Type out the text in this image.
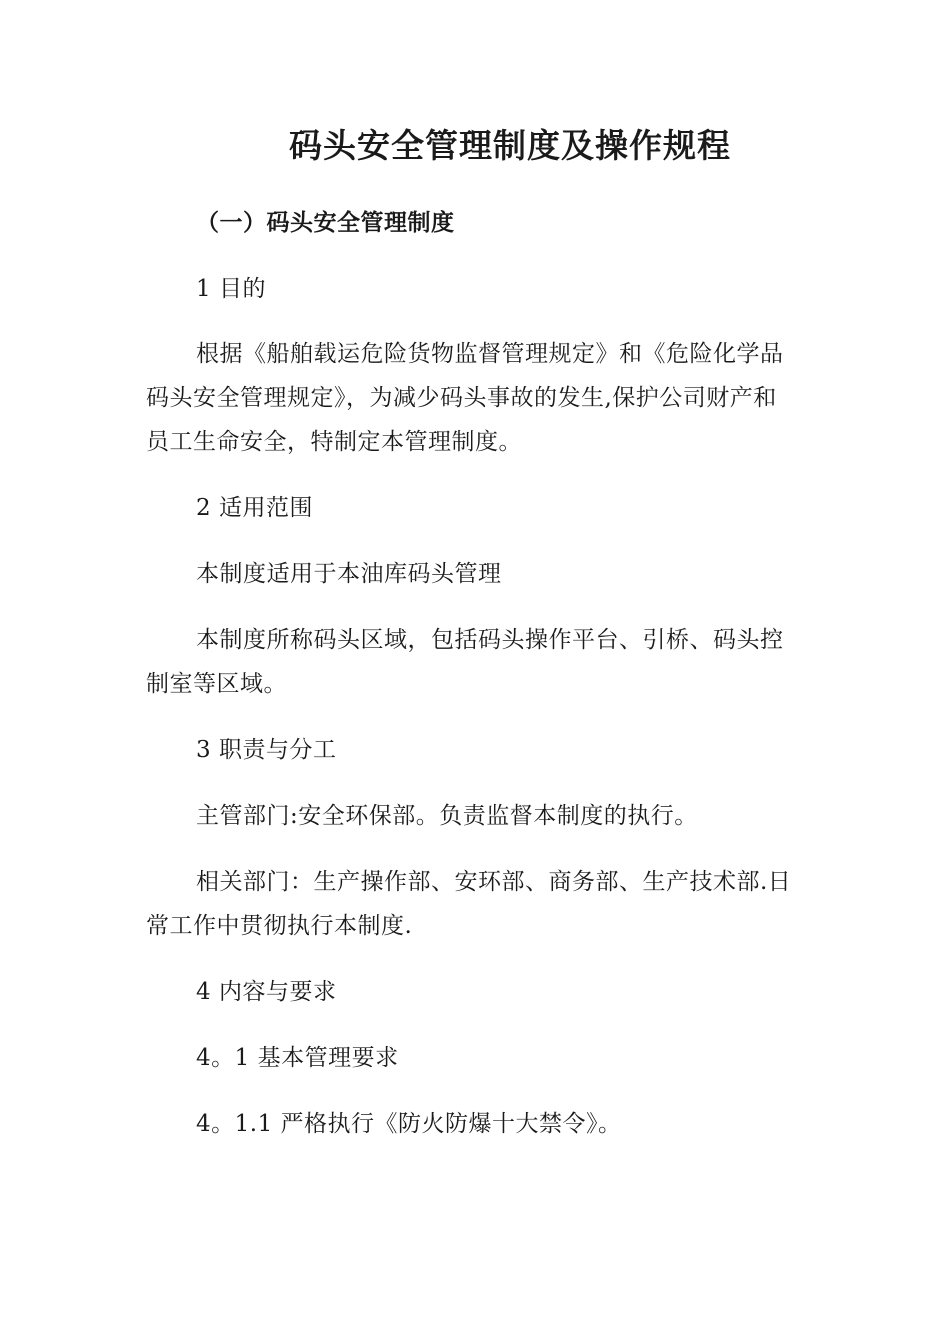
码头安全管理制度及操作规程

（一）码头安全管理制度

1 目的

根据《船舶载运危险货物监督管理规定》和《危险化学品码头安全管理规定》，为减少码头事故的发生,保护公司财产和员工生命安全，特制定本管理制度。

2 适用范围

本制度适用于本油库码头管理

本制度所称码头区域，包括码头操作平台、引桥、码头控制室等区域。

3 职责与分工

主管部门:安全环保部。负责监督本制度的执行。

相关部门：生产操作部、安环部、商务部、生产技术部.日常工作中贯彻执行本制度.

4 内容与要求

4。1 基本管理要求

4。1.1 严格执行《防火防爆十大禁令》。
